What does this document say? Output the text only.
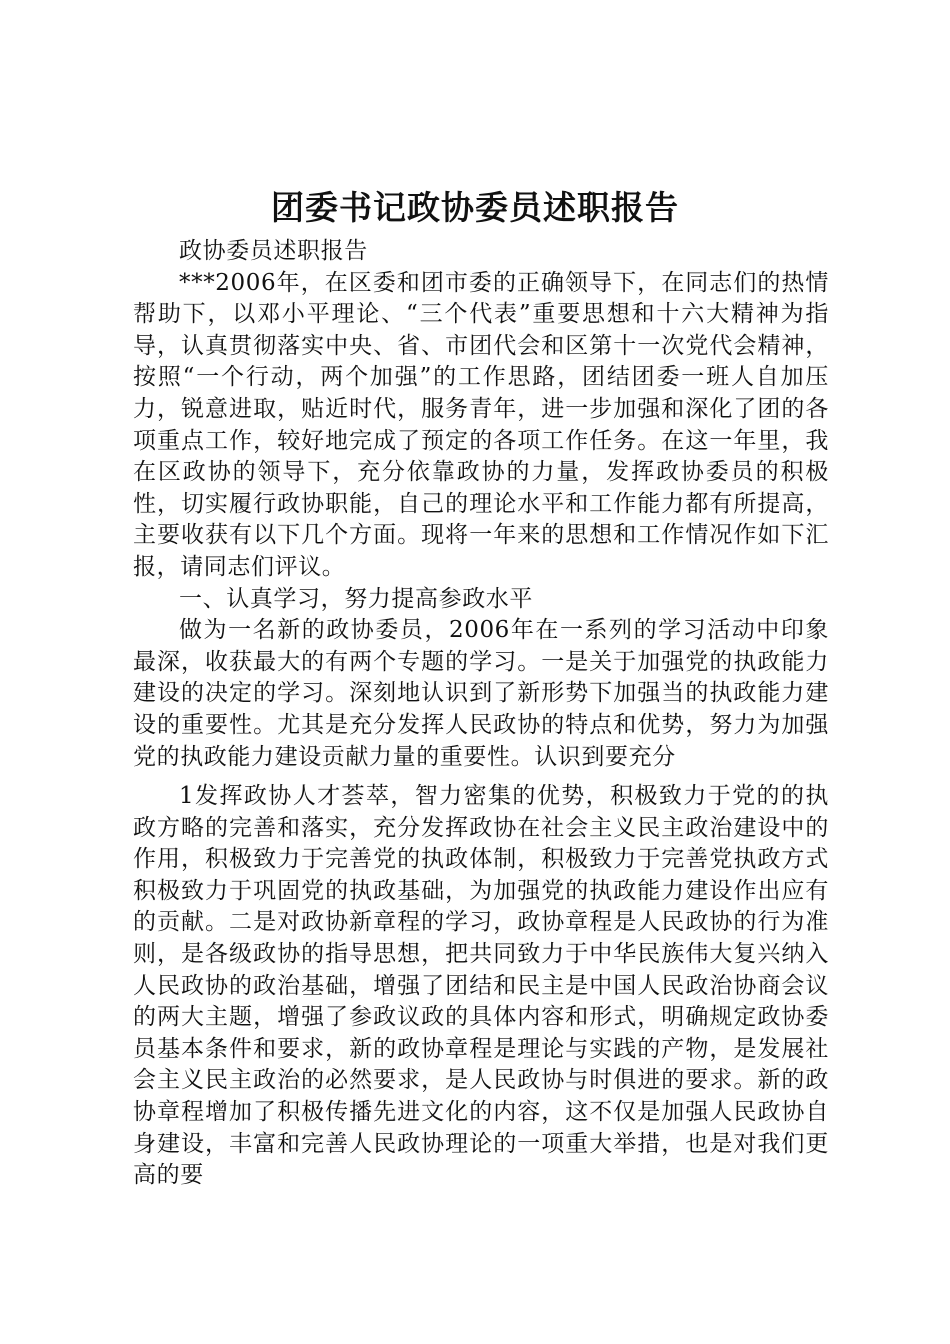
团委书记政协委员述职报告

政协委员述职报告

***2006年，在区委和团市委的正确领导下，在同志们的热情帮助下，以邓小平理论、“三个代表”重要思想和十六大精神为指导，认真贯彻落实中央、省、市团代会和区第十一次党代会精神，按照“一个行动，两个加强”的工作思路，团结团委一班人自加压力，锐意进取，贴近时代，服务青年，进一步加强和深化了团的各项重点工作，较好地完成了预定的各项工作任务。在这一年里，我在区政协的领导下，充分依靠政协的力量，发挥政协委员的积极性，切实履行政协职能，自己的理论水平和工作能力都有所提高，主要收获有以下几个方面。现将一年来的思想和工作情况作如下汇报，请同志们评议。

一、认真学习，努力提高参政水平

做为一名新的政协委员，2006年在一系列的学习活动中印象最深，收获最大的有两个专题的学习。一是关于加强党的执政能力建设的决定的学习。深刻地认识到了新形势下加强当的执政能力建设的重要性。尤其是充分发挥人民政协的特点和优势，努力为加强党的执政能力建设贡献力量的重要性。认识到要充分

1发挥政协人才荟萃，智力密集的优势，积极致力于党的的执政方略的完善和落实，充分发挥政协在社会主义民主政治建设中的作用，积极致力于完善党的执政体制，积极致力于完善党执政方式积极致力于巩固党的执政基础，为加强党的执政能力建设作出应有的贡献。二是对政协新章程的学习，政协章程是人民政协的行为准则，是各级政协的指导思想，把共同致力于中华民族伟大复兴纳入人民政协的政治基础，增强了团结和民主是中国人民政治协商会议的两大主题，增强了参政议政的具体内容和形式，明确规定政协委员基本条件和要求，新的政协章程是理论与实践的产物，是发展社会主义民主政治的必然要求，是人民政协与时俱进的要求。新的政协章程增加了积极传播先进文化的内容，这不仅是加强人民政协自身建设，丰富和完善人民政协理论的一项重大举措，也是对我们更高的要
